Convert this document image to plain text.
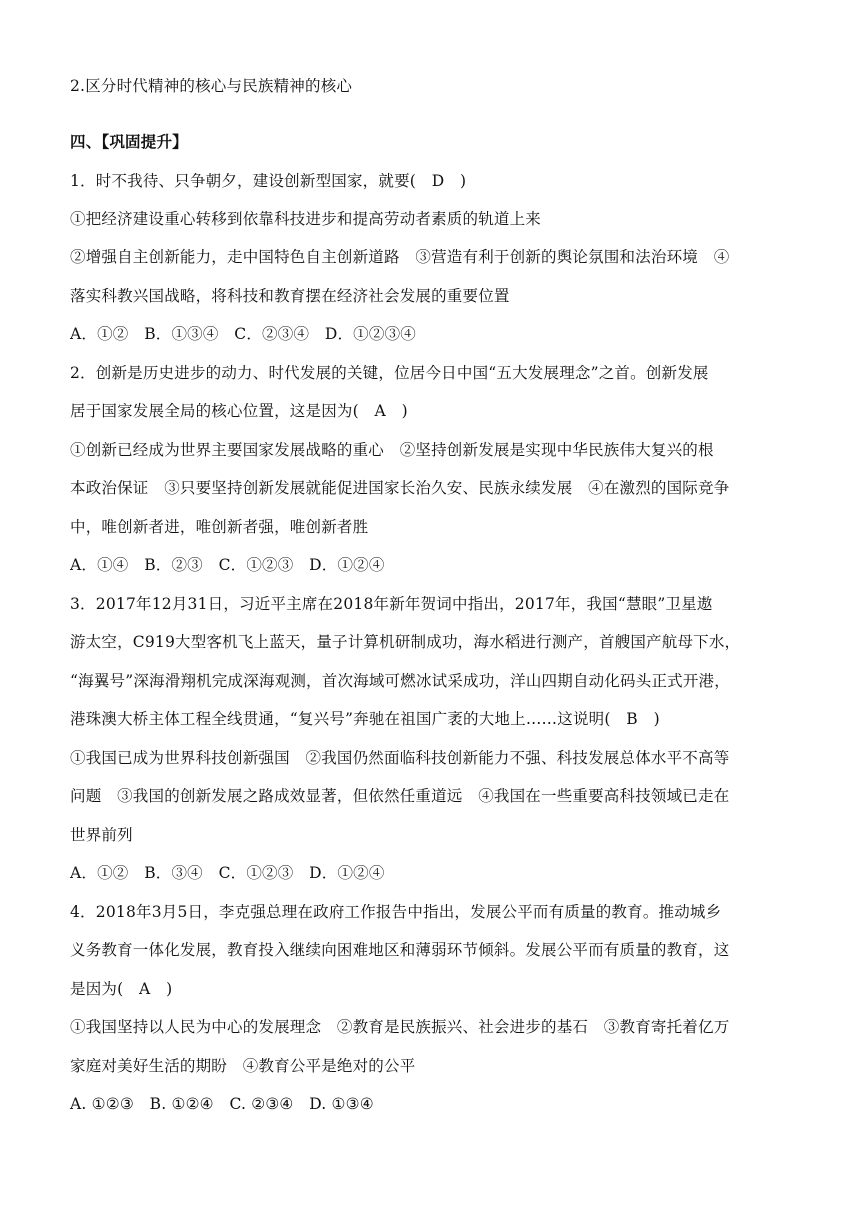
2.区分时代精神的核心与民族精神的核心
四、【巩固提升】
1．时不我待、只争朝夕，建设创新型国家，就要(　D　)
①把经济建设重心转移到依靠科技进步和提高劳动者素质的轨道上来
②增强自主创新能力，走中国特色自主创新道路　③营造有利于创新的舆论氛围和法治环境　④
落实科教兴国战略，将科技和教育摆在经济社会发展的重要位置
A．①②　B．①③④　C．②③④　D．①②③④
2．创新是历史进步的动力、时代发展的关键，位居今日中国“五大发展理念”之首。创新发展
居于国家发展全局的核心位置，这是因为(　A　)
①创新已经成为世界主要国家发展战略的重心　②坚持创新发展是实现中华民族伟大复兴的根
本政治保证　③只要坚持创新发展就能促进国家长治久安、民族永续发展　④在激烈的国际竞争
中，唯创新者进，唯创新者强，唯创新者胜
A．①④　B．②③　C．①②③　D．①②④
3．2017年12月31日，习近平主席在2018年新年贺词中指出，2017年，我国“慧眼”卫星遨
游太空，C919大型客机飞上蓝天，量子计算机研制成功，海水稻进行测产，首艘国产航母下水，
“海翼号”深海滑翔机完成深海观测，首次海域可燃冰试采成功，洋山四期自动化码头正式开港，
港珠澳大桥主体工程全线贯通，“复兴号”奔驰在祖国广袤的大地上……这说明(　B　)
①我国已成为世界科技创新强国　②我国仍然面临科技创新能力不强、科技发展总体水平不高等
问题　③我国的创新发展之路成效显著，但依然任重道远　④我国在一些重要高科技领域已走在
世界前列
A．①②　B．③④　C．①②③　D．①②④
4．2018年3月5日，李克强总理在政府工作报告中指出，发展公平而有质量的教育。推动城乡
义务教育一体化发展，教育投入继续向困难地区和薄弱环节倾斜。发展公平而有质量的教育，这
是因为(　A　)
①我国坚持以人民为中心的发展理念　②教育是民族振兴、社会进步的基石　③教育寄托着亿万
家庭对美好生活的期盼　④教育公平是绝对的公平
A. ①②③　B. ①②④　C. ②③④　D. ①③④
